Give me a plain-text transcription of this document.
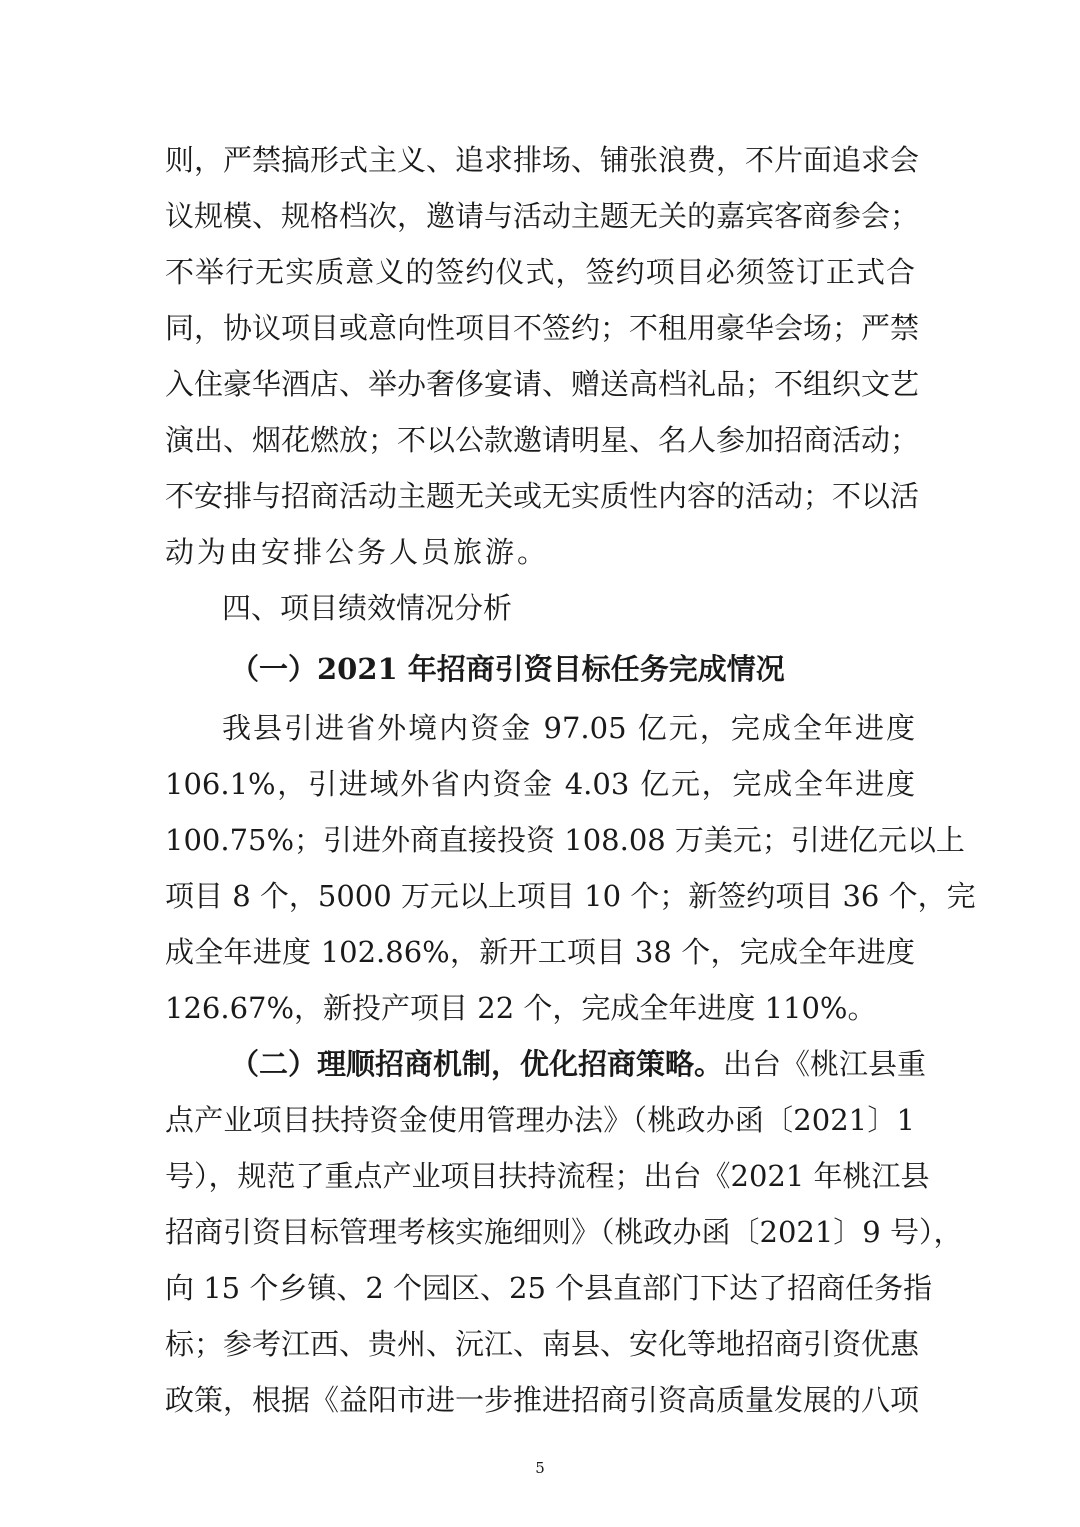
则，严禁搞形式主义、追求排场、铺张浪费，不片面追求会
议规模、规格档次，邀请与活动主题无关的嘉宾客商参会；
不举行无实质意义的签约仪式，签约项目必须签订正式合
同，协议项目或意向性项目不签约；不租用豪华会场；严禁
入住豪华酒店、举办奢侈宴请、赠送高档礼品；不组织文艺
演出、烟花燃放；不以公款邀请明星、名人参加招商活动；
不安排与招商活动主题无关或无实质性内容的活动；不以活
动为由安排公务人员旅游。
四、项目绩效情况分析
（一）2021 年招商引资目标任务完成情况
我县引进省外境内资金 97.05 亿元，完成全年进度
106.1%，引进域外省内资金 4.03 亿元，完成全年进度
100.75%；引进外商直接投资 108.08 万美元；引进亿元以上
项目 8 个，5000 万元以上项目 10 个；新签约项目 36 个，完
成全年进度 102.86%，新开工项目 38 个，完成全年进度
126.67%，新投产项目 22 个，完成全年进度 110%。
（二）理顺招商机制，优化招商策略。 出台《桃江县重
点产业项目扶持资金使用管理办法》（桃政办函〔2021〕1
号），规范了重点产业项目扶持流程；出台《2021 年桃江县
招商引资目标管理考核实施细则》（桃政办函〔2021〕9 号），
向 15 个乡镇、2 个园区、25 个县直部门下达了招商任务指
标；参考江西、贵州、沅江、南县、安化等地招商引资优惠
政策，根据《益阳市进一步推进招商引资高质量发展的八项
5
